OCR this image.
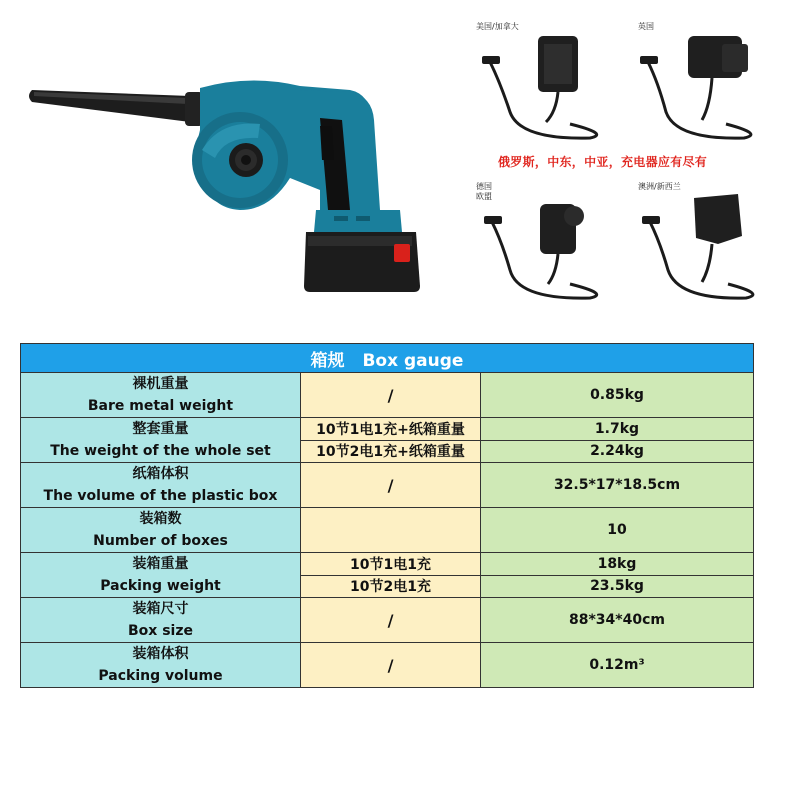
美国/加拿大	英国
俄罗斯，中东，中亚，充电器应有尽有
德国
欧盟
澳洲/新西兰
箱规 Box gauge		

裸机重量
Bare metal weight	/	0.85kg

整套重量
The weight of the whole set	10节1电1充+纸箱重量	1.7kg
	10节2电1充+纸箱重量	2.24kg

纸箱体积
The volume of the plastic box	/	32.5*17*18.5cm

装箱数
Number of boxes		10

装箱重量
Packing weight	10节1电1充	18kg
	10节2电1充	23.5kg

装箱尺寸
Box size	/	88*34*40cm

装箱体积
Packing volume	/	0.12m³
